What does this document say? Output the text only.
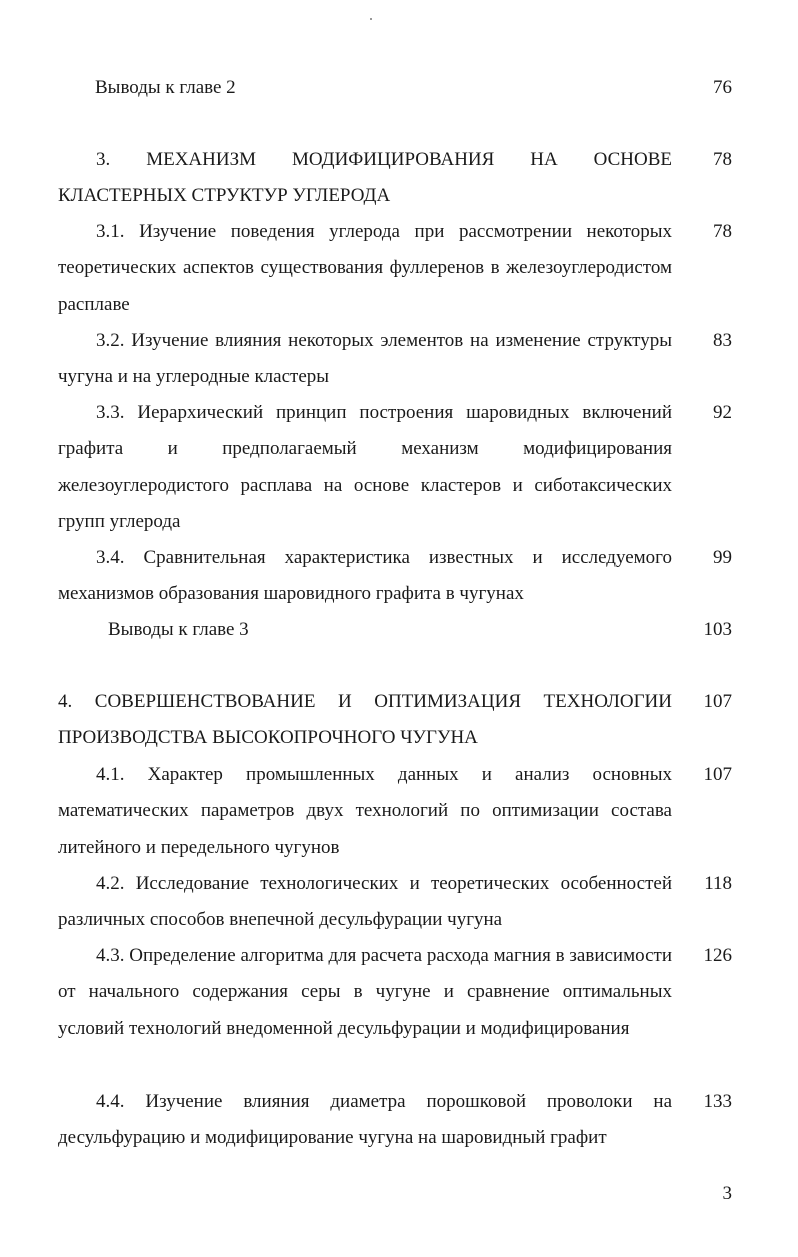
Выводы к главе 2	76
3. МЕХАНИЗМ МОДИФИЦИРОВАНИЯ НА ОСНОВЕ КЛАСТЕРНЫХ СТРУКТУР УГЛЕРОДА
78
3.1. Изучение поведения углерода при рассмотрении некоторых теоретических аспектов существования фуллеренов в железоуглеродистом расплаве
78
3.2. Изучение влияния некоторых элементов на изменение структуры чугуна и на углеродные кластеры
83
3.3. Иерархический принцип построения шаровидных включений графита и предполагаемый механизм модифицирования железоуглеродистого расплава на основе кластеров и сиботаксических групп углерода
92
3.4. Сравнительная характеристика известных и исследуемого механизмов образования шаровидного графита в чугунах
99
Выводы к главе 3	103
4. СОВЕРШЕНСТВОВАНИЕ И ОПТИМИЗАЦИЯ ТЕХНОЛОГИИ ПРОИЗВОДСТВА ВЫСОКОПРОЧНОГО ЧУГУНА
107
4.1. Характер промышленных данных и анализ основных математических параметров двух технологий по оптимизации состава литейного и передельного чугунов
107
4.2. Исследование технологических и теоретических особенностей различных способов внепечной десульфурации чугуна
118
4.3. Определение алгоритма для расчета расхода магния в зависимости от начального содержания серы в чугуне и сравнение оптимальных условий технологий внедоменной десульфурации и модифицирования
126
4.4. Изучение влияния диаметра порошковой проволоки на десульфурацию и модифицирование чугуна на шаровидный графит
133
3
